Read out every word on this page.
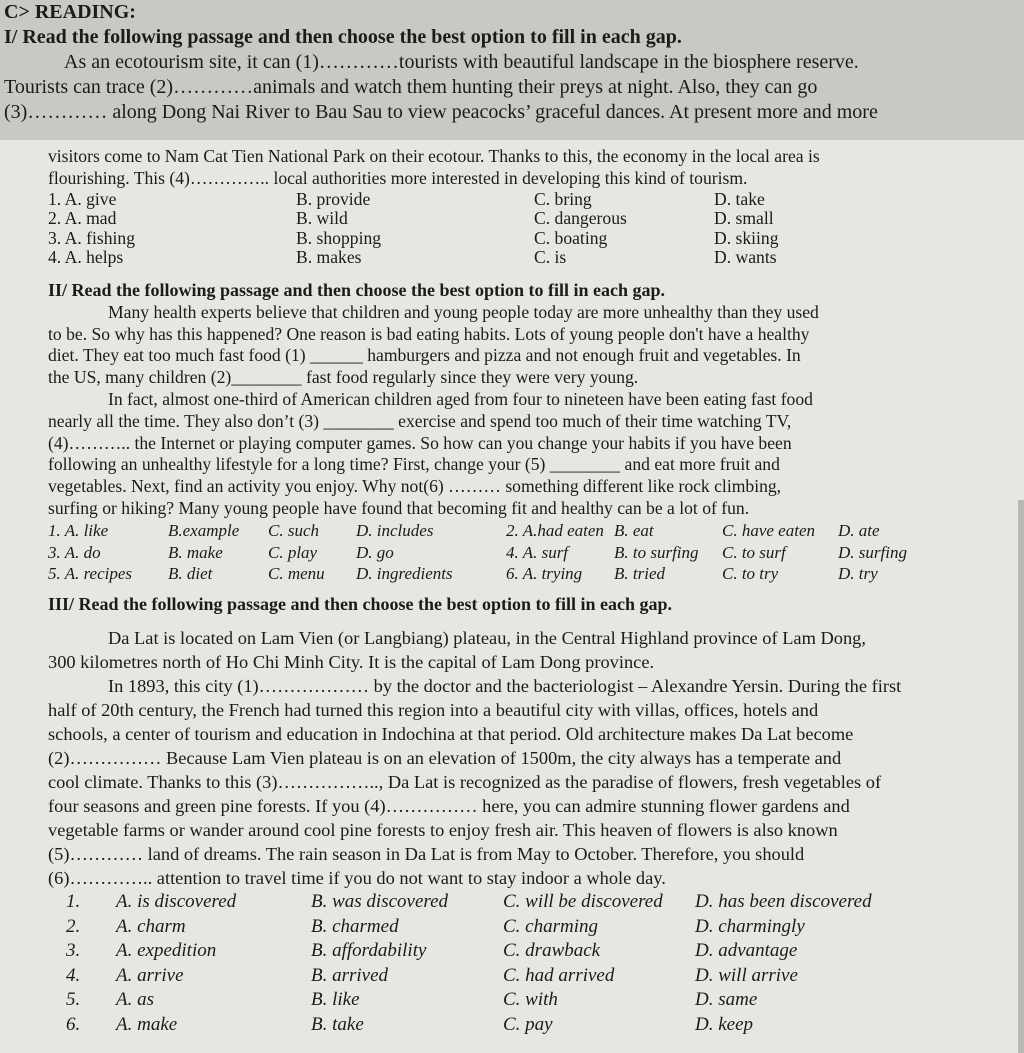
C> READING:
I/ Read the following passage and then choose the best option to fill in each gap.

As an ecotourism site, it can (1)…………tourists with beautiful landscape in the biosphere reserve.

Tourists can trace (2)…………animals and watch them hunting their preys at night. Also, they can go

(3)………… along Dong Nai River to Bau Sau to view peacocks’ graceful dances. At present more and more

visitors come to Nam Cat Tien National Park on their ecotour. Thanks to this, the economy in the local area is

flourishing. This (4)………….. local authorities more interested in developing this kind of tourism.

1. A. give	B. provide	C. bring	D. take
2. A. mad	B. wild	C. dangerous	D. small
3. A. fishing	B. shopping	C. boating	D. skiing
4. A. helps	B. makes	C. is	D. wants

II/ Read the following passage and then choose the best option to fill in each gap.

Many health experts believe that children and young people today are more unhealthy than they used

to be. So why has this happened? One reason is bad eating habits. Lots of young people don't have a healthy

diet. They eat too much fast food (1) ______ hamburgers and pizza and not enough fruit and vegetables. In

the US, many children (2)________ fast food regularly since they were very young.

In fact, almost one-third of American children aged from four to nineteen have been eating fast food

nearly all the time. They also don’t (3) ________ exercise and spend too much of their time watching TV,

(4)……….. the Internet or playing computer games. So how can you change your habits if you have been

following an unhealthy lifestyle for a long time? First, change your (5) ________ and eat more fruit and

vegetables. Next, find an activity you enjoy. Why not(6) ……… something different like rock climbing,

surfing or hiking? Many young people have found that becoming fit and healthy can be a lot of fun.

1. A. like	B.example	C. such	D. includes	2. A.had eaten B. eat	C. have eaten	D. ate
3. A. do	B. make	C. play	D. go	4. A. surf	B. to surfing	C. to surf	D. surfing
5. A. recipes	B. diet	C. menu	D. ingredients	6. A. trying	B. tried	C. to try	D. try

III/ Read the following passage and then choose the best option to fill in each gap.

Da Lat is located on Lam Vien (or Langbiang) plateau, in the Central Highland province of Lam Dong,

300 kilometres north of Ho Chi Minh City. It is the capital of Lam Dong province.

In 1893, this city (1)……………… by the doctor and the bacteriologist – Alexandre Yersin. During the first

half of 20th century, the French had turned this region into a beautiful city with villas, offices, hotels and

schools, a center of tourism and education in Indochina at that period. Old architecture makes Da Lat become

(2)…………… Because Lam Vien plateau is on an elevation of 1500m, the city always has a temperate and

cool climate. Thanks to this (3)…………….., Da Lat is recognized as the paradise of flowers, fresh vegetables of

four seasons and green pine forests. If you (4)…………… here, you can admire stunning flower gardens and

vegetable farms or wander around cool pine forests to enjoy fresh air. This heaven of flowers is also known

(5)………… land of dreams. The rain season in Da Lat is from May to October. Therefore, you should

(6)………….. attention to travel time if you do not want to stay indoor a whole day.

1.	A. is discovered	B. was discovered	C. will be discovered	D. has been discovered
2.	A. charm	B. charmed	C. charming	D. charmingly
3.	A. expedition	B. affordability	C. drawback	D. advantage
4.	A. arrive	B. arrived	C. had arrived	D. will arrive
5.	A. as	B. like	C. with	D. same
6.	A. make	B. take	C. pay	D. keep
